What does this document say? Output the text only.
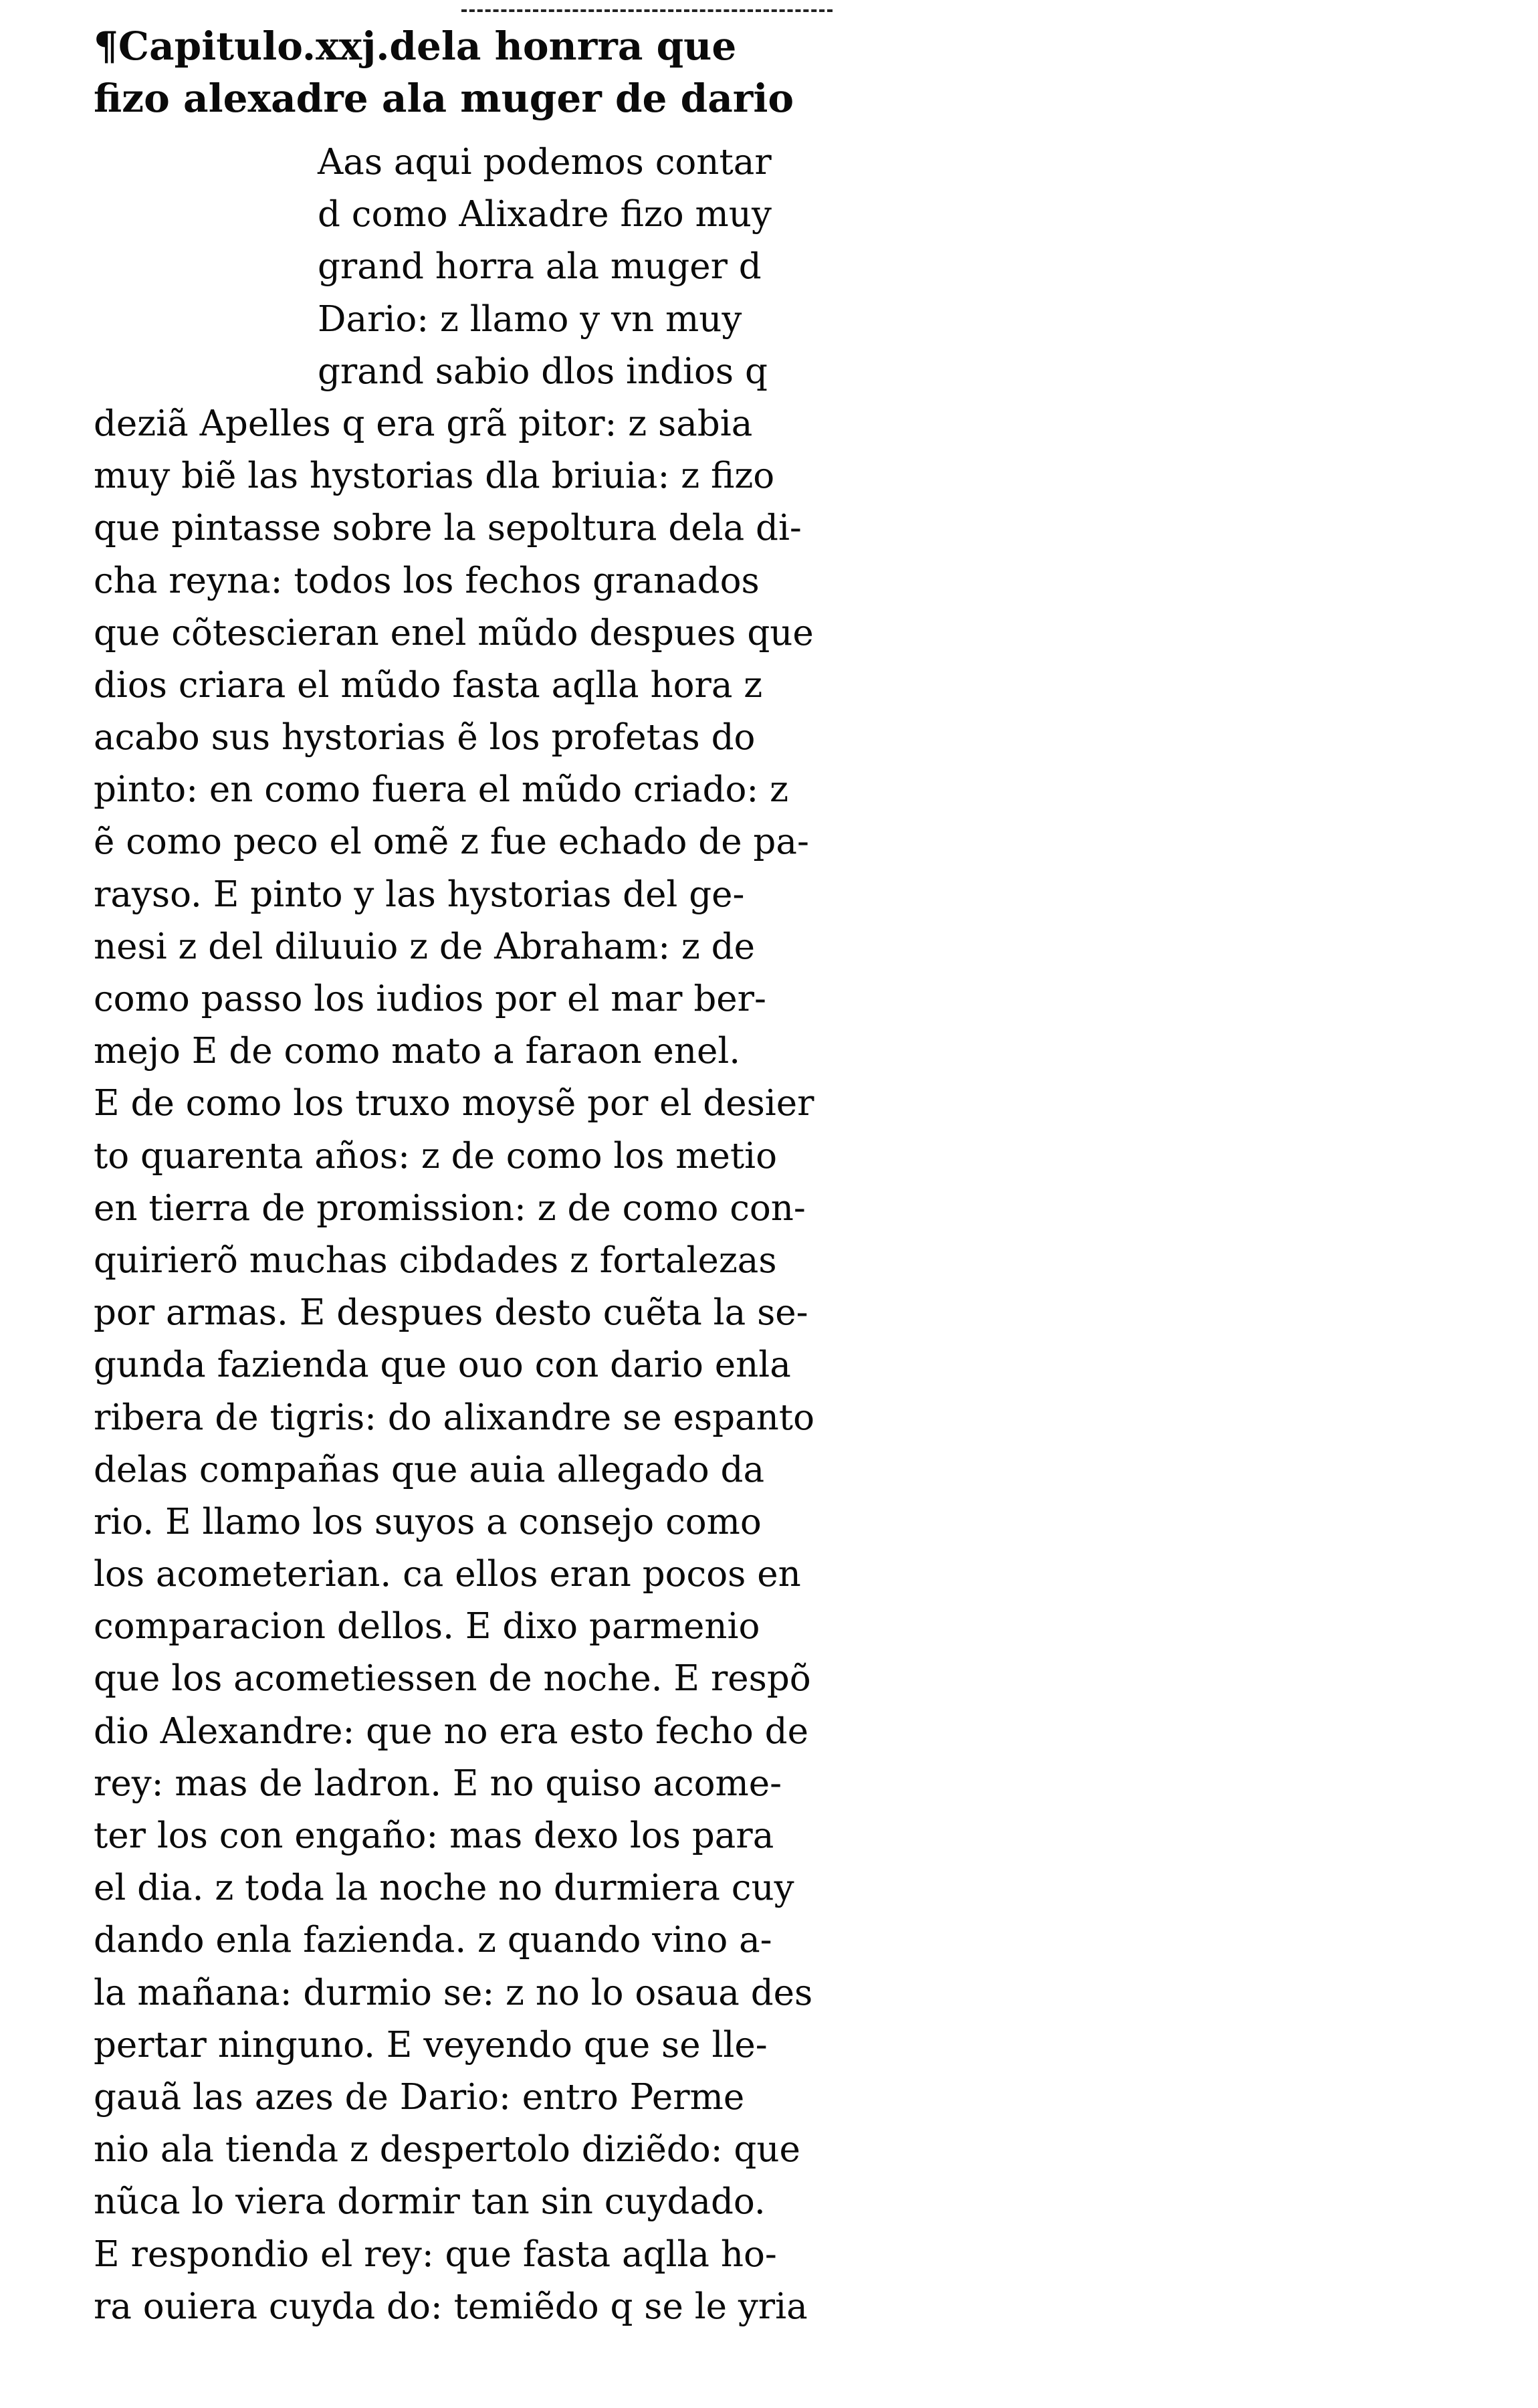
¶Capitulo.xxj.dela honrra que
fizo alexadre ala muger de dario
Aas aqui podemos contar
d como Alixadre fizo muy
grand horra ala muger d
Dario: z llamo y vn muy
grand sabio dlos indios q
deziã Apelles q era grã pitor: z sabia
muy biẽ las hystorias dla briuia: z fizo
que pintasse sobre la sepoltura dela di-
cha reyna: todos los fechos granados
que cõtescieran enel mũdo despues que
dios criara el mũdo fasta aqlla hora z
acabo sus hystorias ẽ los profetas do
pinto: en como fuera el mũdo criado: z
ẽ como peco el omẽ z fue echado de pa-
rayso. E pinto y las hystorias del ge-
nesi z del diluuio z de Abraham: z de
como passo los iudios por el mar ber-
mejo E de como mato a faraon enel.
E de como los truxo moysẽ por el desier
to quarenta años: z de como los metio
en tierra de promission: z de como con-
quirierõ muchas cibdades z fortalezas
por armas. E despues desto cuẽta la se-
gunda fazienda que ouo con dario enla
ribera de tigris: do alixandre se espanto
delas compañas que auia allegado da
rio. E llamo los suyos a consejo como
los acometerian. ca ellos eran pocos en
comparacion dellos. E dixo parmenio
que los acometiessen de noche. E respõ
dio Alexandre: que no era esto fecho de
rey: mas de ladron. E no quiso acome-
ter los con engaño: mas dexo los para
el dia. z toda la noche no durmiera cuy
dando enla fazienda. z quando vino a-
la mañana: durmio se: z no lo osaua des
pertar ninguno. E veyendo que se lle-
gauã las azes de Dario: entro Perme
nio ala tienda z despertolo diziẽdo: que
nũca lo viera dormir tan sin cuydado.
E respondio el rey: que fasta aqlla ho-
ra ouiera cuyda do: temiẽdo q se le yria
